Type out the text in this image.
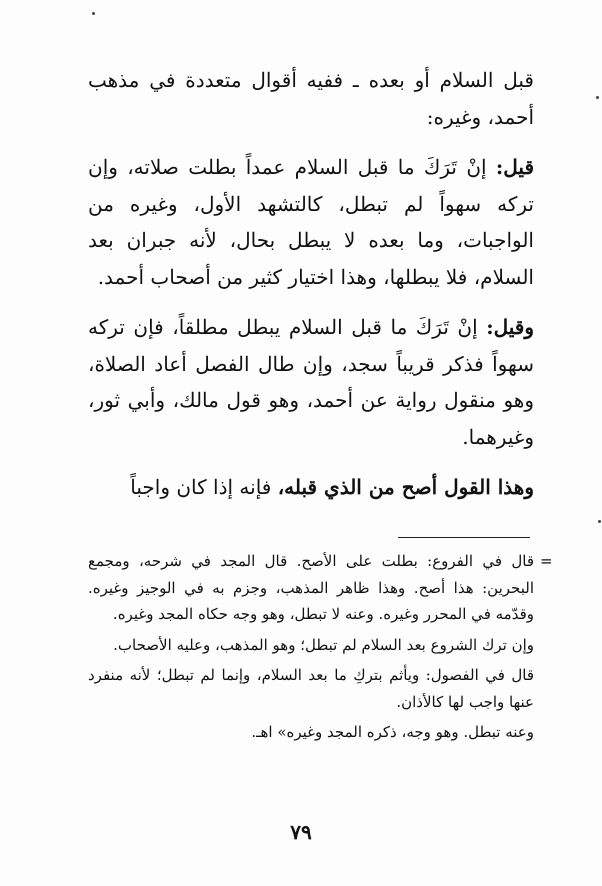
قبل السلام أو بعده ـ ففيه أقوال متعددة في مذهب أحمد، وغيره:

قيل: إنْ تَرَكَ ما قبل السلام عمداً بطلت صلاته، وإن تركه سهواً لم تبطل، كالتشهد الأول، وغيره من الواجبات، وما بعده لا يبطل بحال، لأنه جبران بعد السلام، فلا يبطلها، وهذا اختيار كثير من أصحاب أحمد.

وقيل: إنْ تَرَكَ ما قبل السلام يبطل مطلقاً، فإن تركه سهواً فذكر قريباً سجد، وإن طال الفصل أعاد الصلاة، وهو منقول رواية عن أحمد، وهو قول مالك، وأبي ثور، وغيرهما.

وهذا القول أصح من الذي قبله، فإنه إذا كان واجباً

=

قال في الفروع: بطلت على الأصح. قال المجد في شرحه، ومجمع البحرين: هذا أصح. وهذا ظاهر المذهب، وجزم به في الوجيز وغيره. وقدّمه في المحرر وغيره. وعنه لا تبطل، وهو وجه حكاه المجد وغيره.

وإن ترك الشروع بعد السلام لم تبطل؛ وهو المذهب، وعليه الأصحاب.

قال في الفصول: ويأثم بتركِ ما بعد السلام، وإنما لم تبطل؛ لأنه منفرد عنها واجب لها كالأذان.

وعنه تبطل. وهو وجه، ذكره المجد وغيره» اهـ.

٧٩
